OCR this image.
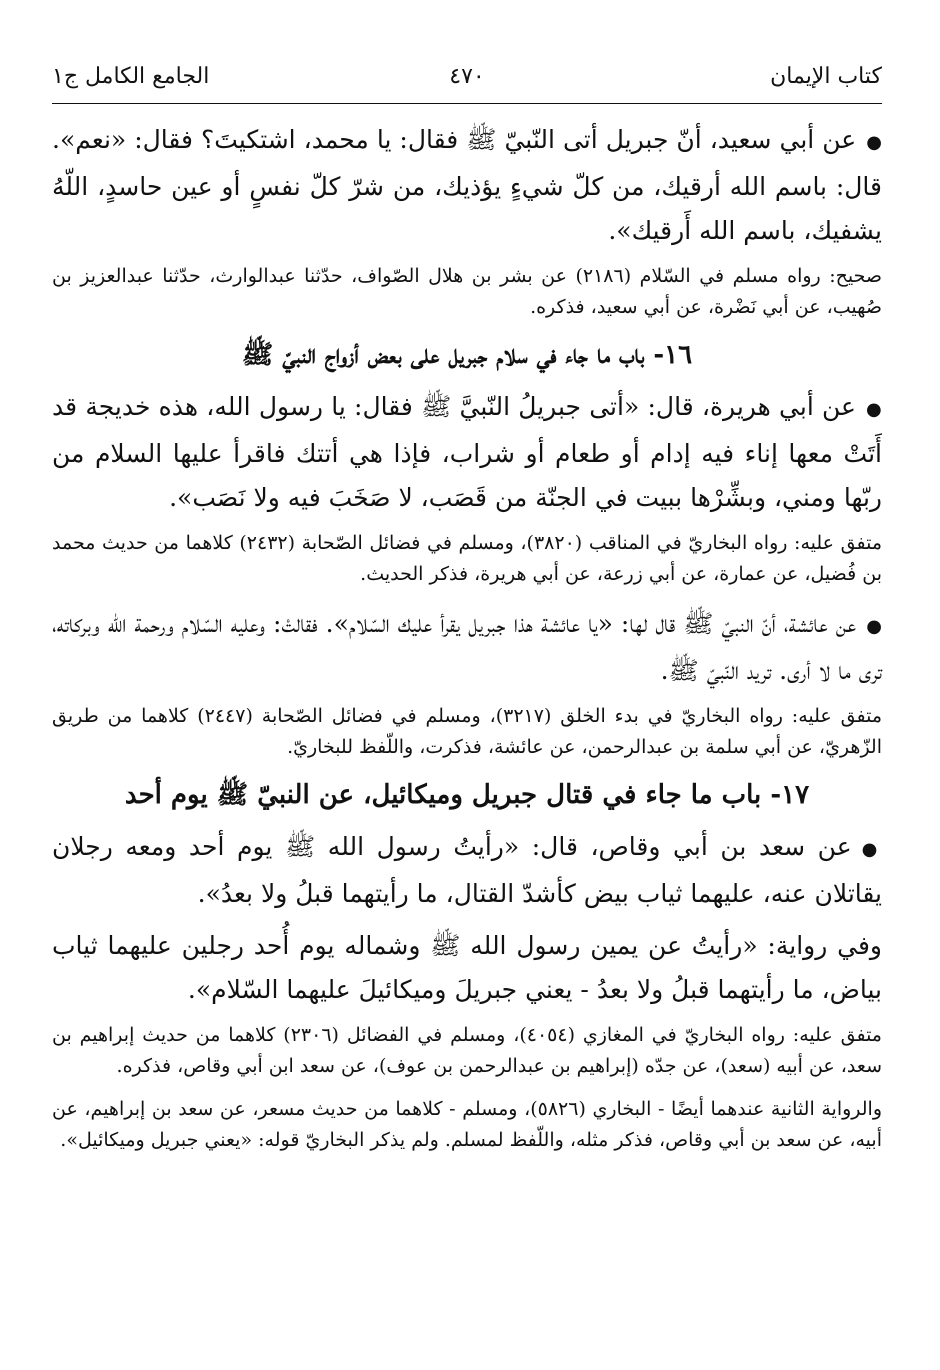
كتاب الإيمان
٤٧٠
الجامع الكامل ج١

●عن أبي سعيد، أنّ جبريل أتى النّبيّ ﷺ فقال: يا محمد، اشتكيتَ؟ فقال: «نعم». قال: باسم الله أرقيك، من كلّ شيءٍ يؤذيك، من شرّ كلّ نفسٍ أو عين حاسدٍ، اللّهُ يشفيك، باسم الله أَرقيك».

صحيح: رواه مسلم في السّلام (٢١٨٦) عن بشر بن هلال الصّواف، حدّثنا عبدالوارث، حدّثنا عبدالعزيز بن صُهيب، عن أبي نَضْرة، عن أبي سعيد، فذكره.

١٦- باب ما جاء في سلام جبريل على بعض أزواج النبيّ ﷺ

●عن أبي هريرة، قال: «أتى جبريلُ النّبيَّ ﷺ فقال: يا رسول الله، هذه خديجة قد أَتَتْ معها إناء فيه إدام أو طعام أو شراب، فإذا هي أتتك فاقرأ عليها السلام من ربّها ومني، وبشِّرْها ببيت في الجنّة من قَصَب، لا صَخَبَ فيه ولا نَصَب».

متفق عليه: رواه البخاريّ في المناقب (٣٨٢٠)، ومسلم في فضائل الصّحابة (٢٤٣٢) كلاهما من حديث محمد بن فُضيل، عن عمارة، عن أبي زرعة، عن أبي هريرة، فذكر الحديث.

●عن عائشة، أنّ النبيّ ﷺ قال لها: «يا عائشة هذا جبريل يقرأ عليك السّلام». فقالتْ: وعليه السّلام ورحمة الله وبركاته، ترى ما لا أرى. تريد النّبيّ ﷺ.

متفق عليه: رواه البخاريّ في بدء الخلق (٣٢١٧)، ومسلم في فضائل الصّحابة (٢٤٤٧) كلاهما من طريق الزّهريّ، عن أبي سلمة بن عبدالرحمن، عن عائشة، فذكرت، واللّفظ للبخاريّ.

١٧- باب ما جاء في قتال جبريل وميكائيل، عن النبيّ ﷺ يوم أحد

●عن سعد بن أبي وقاص، قال: «رأيتُ رسول الله ﷺ يوم أحد ومعه رجلان يقاتلان عنه، عليهما ثياب بيض كأشدّ القتال، ما رأيتهما قبلُ ولا بعدُ».

وفي رواية: «رأيتُ عن يمين رسول الله ﷺ وشماله يوم أُحد رجلين عليهما ثياب بياض، ما رأيتهما قبلُ ولا بعدُ - يعني جبريلَ وميكائيلَ عليهما السّلام».

متفق عليه: رواه البخاريّ في المغازي (٤٠٥٤)، ومسلم في الفضائل (٢٣٠٦) كلاهما من حديث إبراهيم بن سعد، عن أبيه (سعد)، عن جدّه (إبراهيم بن عبدالرحمن بن عوف)، عن سعد ابن أبي وقاص، فذكره.

والرواية الثانية عندهما أيضًا - البخاري (٥٨٢٦)، ومسلم - كلاهما من حديث مسعر، عن سعد بن إبراهيم، عن أبيه، عن سعد بن أبي وقاص، فذكر مثله، واللّفظ لمسلم. ولم يذكر البخاريّ قوله: «يعني جبريل وميكائيل».
